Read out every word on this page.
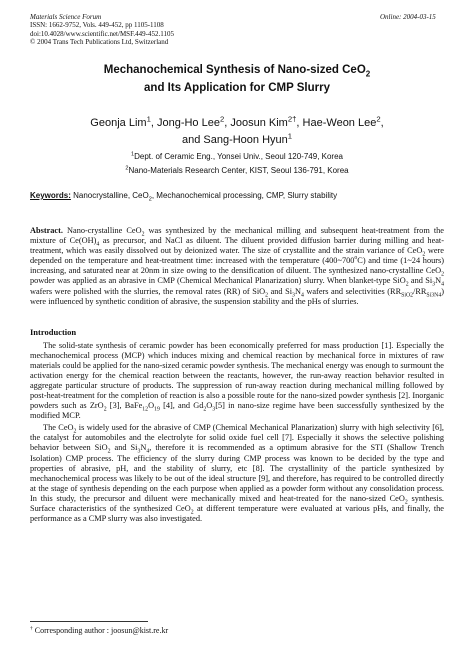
Materials Science Forum
ISSN: 1662-9752, Vols. 449-452, pp 1105-1108
doi:10.4028/www.scientific.net/MSF.449-452.1105
© 2004 Trans Tech Publications Ltd, Switzerland
Online: 2004-03-15
Mechanochemical Synthesis of Nano-sized CeO$_2$
and Its Application for CMP Slurry
Geonja Lim$^1$, Jong-Ho Lee$^2$, Joosun Kim$^{2\dagger}$, Hae-Weon Lee$^2$,
and Sang-Hoon Hyun$^1$
$^1$Dept. of Ceramic Eng., Yonsei Univ., Seoul 120-749, Korea
$^2$Nano-Materials Research Center, KIST, Seoul 136-791, Korea
Keywords: Nanocrystalline, CeO$_2$, Mechanochemical processing, CMP, Slurry stability
Abstract. Nano-crystalline CeO$_2$ was synthesized by the mechanical milling and subsequent heat-treatment from the mixture of $Ce(OH)_4$ as precursor, and NaCl as diluent. The diluent provided diffusion barrier during milling and heat-treatment, which was easily dissolved out by deionized water. The size of crystallite and the strain variance of CeO$_2$ were depended on the temperature and heat-treatment time: increased with the temperature (400~700$^o$C) and time (1~24 hours) increasing, and saturated near at 20nm in size owing to the densification of diluent. The synthesized nano-crystalline CeO$_2$ powder was applied as an abrasive in CMP (Chemical Mechanical Planarization) slurry. When blanket-type SiO$_2$ and $Si_3N_4$ wafers were polished with the slurries, the removal rates (RR) of SiO$_2$ and $Si_3N_4$ wafers and selectivities $(RR_{SiO2}/RR_{Si3N4})$ were influenced by synthetic condition of abrasive, the suspension stability and the pHs of slurries.
Introduction

The solid-state synthesis of ceramic powder has been economically preferred for mass production [1]. Especially the mechanochemical process (MCP) which induces mixing and chemical reaction by mechanical force in mixtures of raw materials could be applied for the nano-sized ceramic powder synthesis. The mechanical energy was enough to surmount the activation energy for the chemical reaction between the reactants, however, the run-away reaction behavior resulted in aggregate particular structure of products. The suppression of run-away reaction during mechanical milling followed by post-heat-treatment for the completion of reaction is also a possible route for the nano-sized powder synthesis [2]. Inorganic powders such as ZrO$_2$ [3], $BaFe_{12}O_{19}$ [4], and $Gd_2O_3[5]$ in nano-size regime have been successfully synthesized by the modified MCP.

The CeO$_2$ is widely used for the abrasive of CMP (Chemical Mechanical Planarization) slurry with high selectivity [6], the catalyst for automobiles and the electrolyte for solid oxide fuel cell [7]. Especially it shows the selective polishing behavior between SiO$_2$ and $Si_3N_4$, therefore it is recommended as a optimum abrasive for the STI (Shallow Trench Isolation) CMP process. The efficiency of the slurry during CMP process was known to be decided by the type and properties of abrasive, pH, and the stability of slurry, etc [8]. The crystallinity of the particle synthesized by mechanochemical process was likely to be out of the ideal structure [9], and therefore, has required to be controlled directly at the stage of synthesis depending on the each purpose when applied as a powder form without any consolidation process. In this study, the precursor and diluent were mechanically mixed and heat-treated for the nano-sized CeO$_2$ synthesis. Surface characteristics of the synthesized CeO$_2$ at different temperature were evaluated at various pHs, and finally, the performance as a CMP slurry was also investigated.

† Corresponding author : joosun@kist.re.kr
